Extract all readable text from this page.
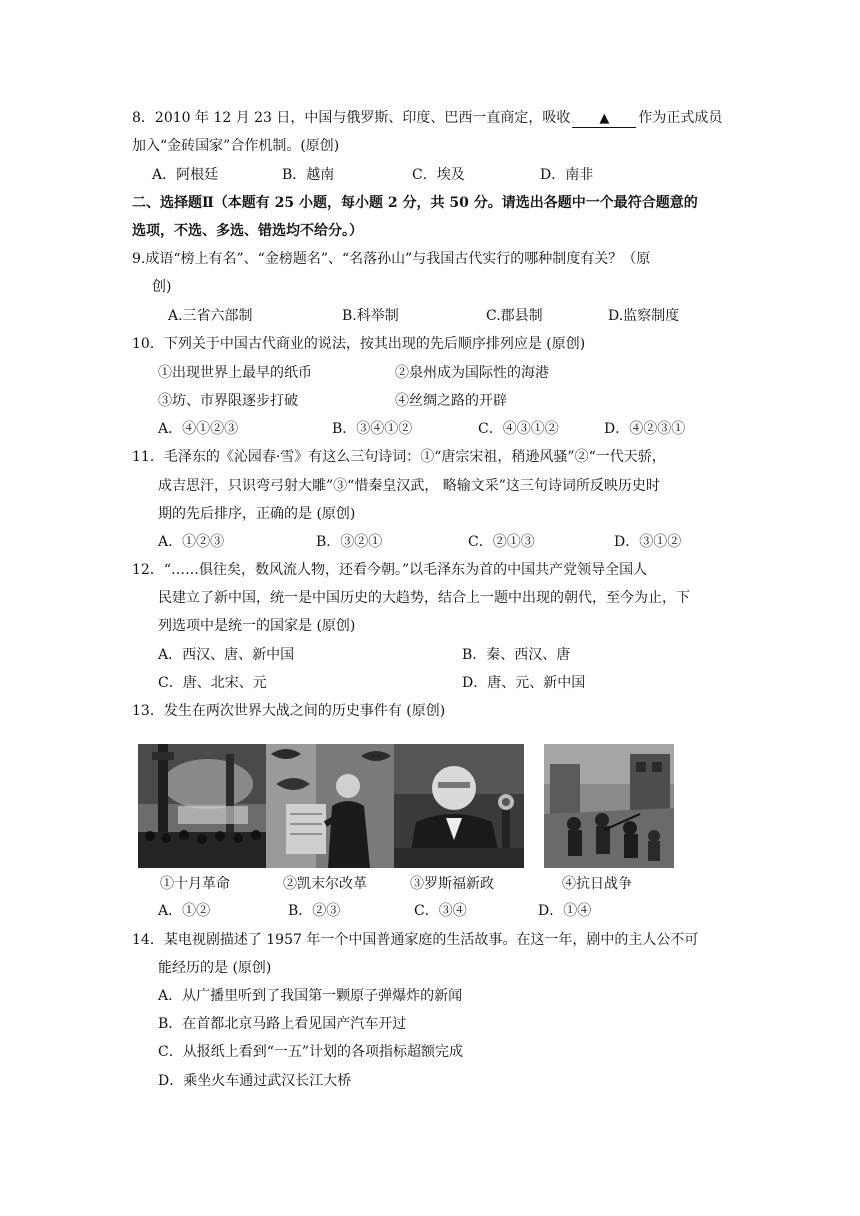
8．2010 年 12 月 23 日，中国与俄罗斯、印度、巴西一直商定，吸收 ▲ 作为正式成员
加入“金砖国家”合作机制。(原创)
A．阿根廷	B．越南	C．埃及	D．南非
二、选择题Ⅱ（本题有 25 小题，每小题 2 分，共 50 分。请选出各题中一个最符合题意的
选项，不选、多选、错选均不给分。）
9.成语“榜上有名”、“金榜题名”、“名落孙山”与我国古代实行的哪种制度有关？（原
创)
A.三省六部制	B.科举制	C.郡县制	D.监察制度
10．下列关于中国古代商业的说法，按其出现的先后顺序排列应是 (原创)
①出现世界上最早的纸币	②泉州成为国际性的海港
③坊、市界限逐步打破	④丝绸之路的开辟
A．④①②③	B．③④①②	C．④③①②	D．④②③①
11．毛泽东的《沁园春·雪》有这么三句诗词：①“唐宗宋祖，稍逊风骚”②“一代天骄，
成吉思汗，只识弯弓射大雕”③“惜秦皇汉武， 略输文采”这三句诗词所反映历史时
期的先后排序，正确的是 (原创)
A．①②③	B．③②①	C．②①③	D．③①②
12．“……俱往矣，数风流人物，还看今朝。”以毛泽东为首的中国共产党领导全国人
民建立了新中国，统一是中国历史的大趋势，结合上一题中出现的朝代，至今为止，下
列选项中是统一的国家是 (原创)
A．西汉、唐、新中国	B．秦、西汉、唐
C．唐、北宋、元	D．唐、元、新中国
13．发生在两次世界大战之间的历史事件有 (原创)
①十月革命	②凯末尔改革	③罗斯福新政	④抗日战争
A．①②	B．②③	C．③④	D．①④
14．某电视剧描述了 1957 年一个中国普通家庭的生活故事。在这一年，剧中的主人公不可
能经历的是 (原创)
A．从广播里听到了我国第一颗原子弹爆炸的新闻
B．在首都北京马路上看见国产汽车开过
C．从报纸上看到“一五”计划的各项指标超额完成
D．乘坐火车通过武汉长江大桥
